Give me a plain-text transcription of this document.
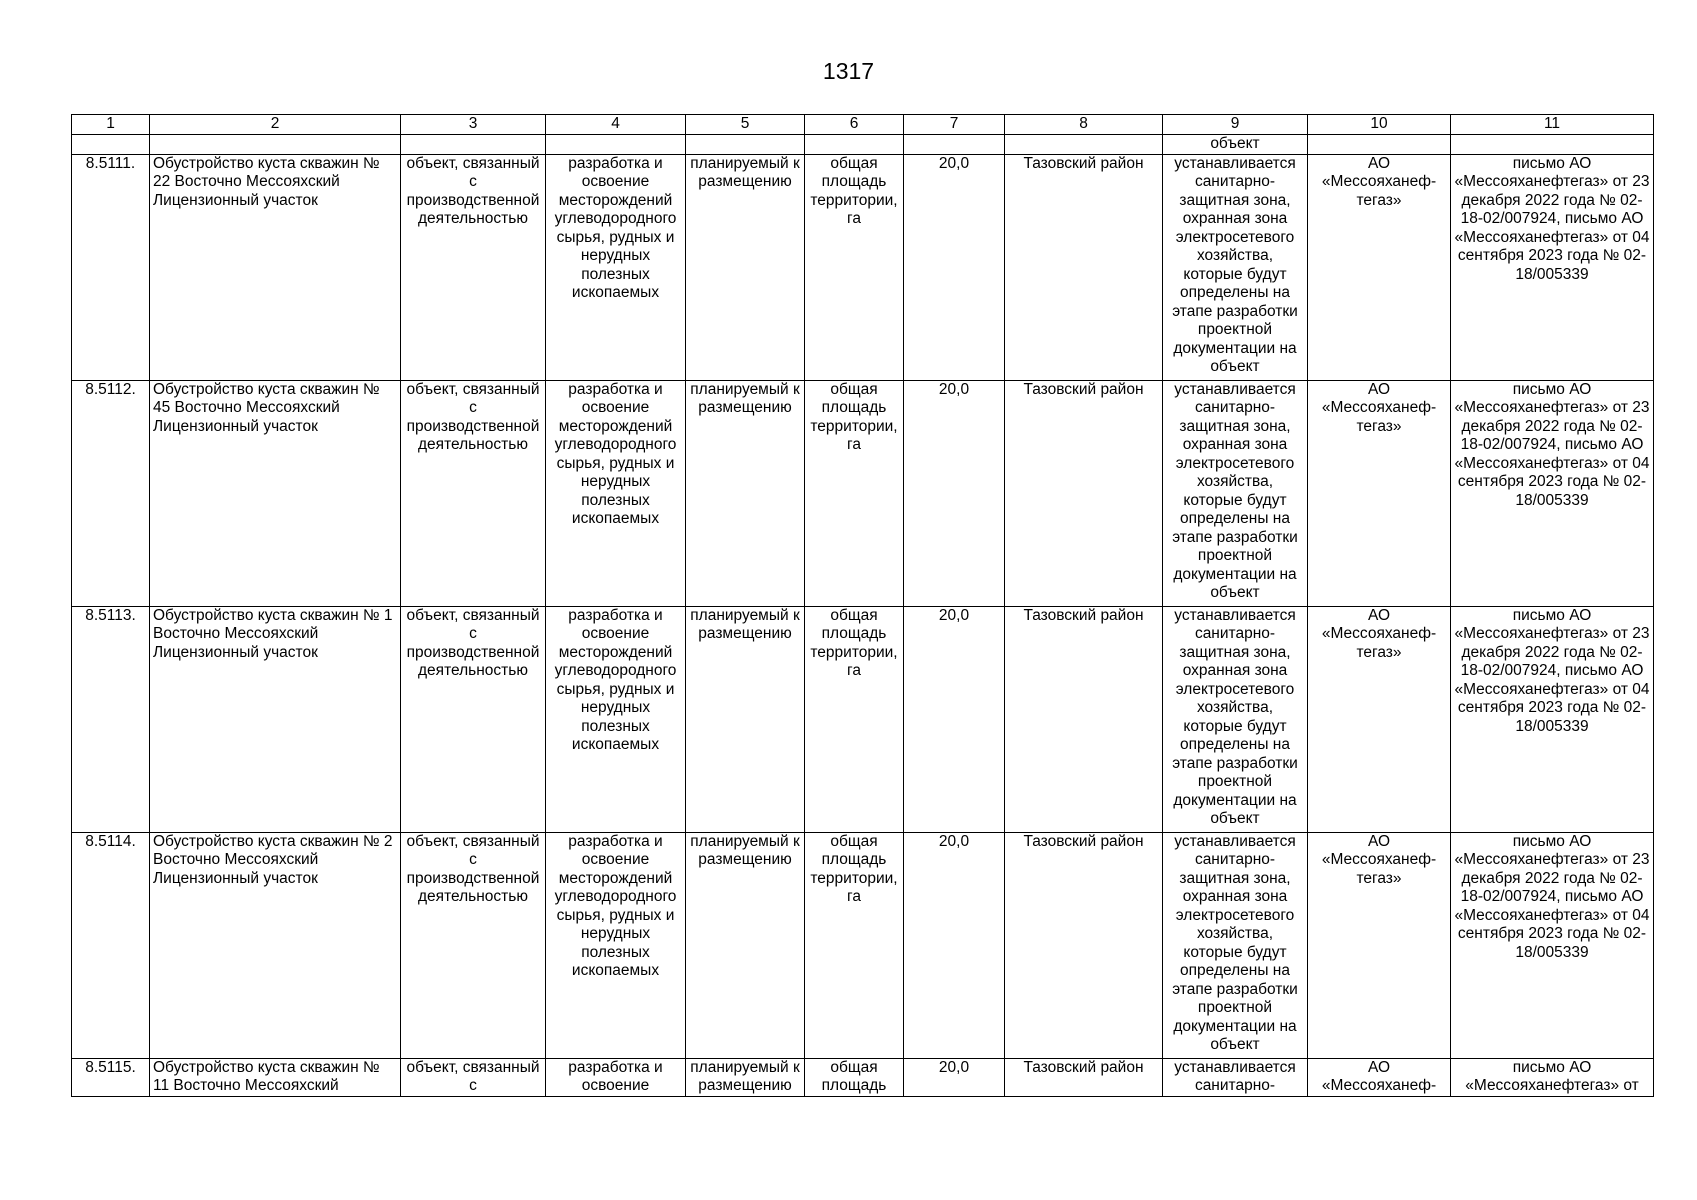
1317
1	2	3	4	5	6	7	8	9	10	11
								объект		
8.5111.	Обустройство куста скважин № 22 Восточно Мессояхский Лицензионный участок	объект, связанный с производственной деятельностью	разработка и освоение месторождений углеводородного сырья, рудных и нерудных полезных ископаемых	планируемый к размещению	общая площадь территории, га	20,0	Тазовский район	устанавливается санитарно-защитная зона, охранная зона электросетевого хозяйства, которые будут определены на этапе разработки проектной документации на объект	АО «Мессояханеф-тегаз»	письмо АО «Мессояханефтегаз» от 23 декабря 2022 года № 02-18-02/007924, письмо АО «Мессояханефтегаз» от 04 сентября 2023 года № 02-18/005339
8.5112.	Обустройство куста скважин № 45 Восточно Мессояхский Лицензионный участок	объект, связанный с производственной деятельностью	разработка и освоение месторождений углеводородного сырья, рудных и нерудных полезных ископаемых	планируемый к размещению	общая площадь территории, га	20,0	Тазовский район	устанавливается санитарно-защитная зона, охранная зона электросетевого хозяйства, которые будут определены на этапе разработки проектной документации на объект	АО «Мессояханеф-тегаз»	письмо АО «Мессояханефтегаз» от 23 декабря 2022 года № 02-18-02/007924, письмо АО «Мессояханефтегаз» от 04 сентября 2023 года № 02-18/005339
8.5113.	Обустройство куста скважин № 1 Восточно Мессояхский Лицензионный участок	объект, связанный с производственной деятельностью	разработка и освоение месторождений углеводородного сырья, рудных и нерудных полезных ископаемых	планируемый к размещению	общая площадь территории, га	20,0	Тазовский район	устанавливается санитарно-защитная зона, охранная зона электросетевого хозяйства, которые будут определены на этапе разработки проектной документации на объект	АО «Мессояханеф-тегаз»	письмо АО «Мессояханефтегаз» от 23 декабря 2022 года № 02-18-02/007924, письмо АО «Мессояханефтегаз» от 04 сентября 2023 года № 02-18/005339
8.5114.	Обустройство куста скважин № 2 Восточно Мессояхский Лицензионный участок	объект, связанный с производственной деятельностью	разработка и освоение месторождений углеводородного сырья, рудных и нерудных полезных ископаемых	планируемый к размещению	общая площадь территории, га	20,0	Тазовский район	устанавливается санитарно-защитная зона, охранная зона электросетевого хозяйства, которые будут определены на этапе разработки проектной документации на объект	АО «Мессояханеф-тегаз»	письмо АО «Мессояханефтегаз» от 23 декабря 2022 года № 02-18-02/007924, письмо АО «Мессояханефтегаз» от 04 сентября 2023 года № 02-18/005339
8.5115.	Обустройство куста скважин № 11 Восточно Мессояхский	объект, связанный с	разработка и освоение	планируемый к размещению	общая площадь	20,0	Тазовский район	устанавливается санитарно-	АО «Мессояханеф-	письмо АО «Мессояханефтегаз» от
